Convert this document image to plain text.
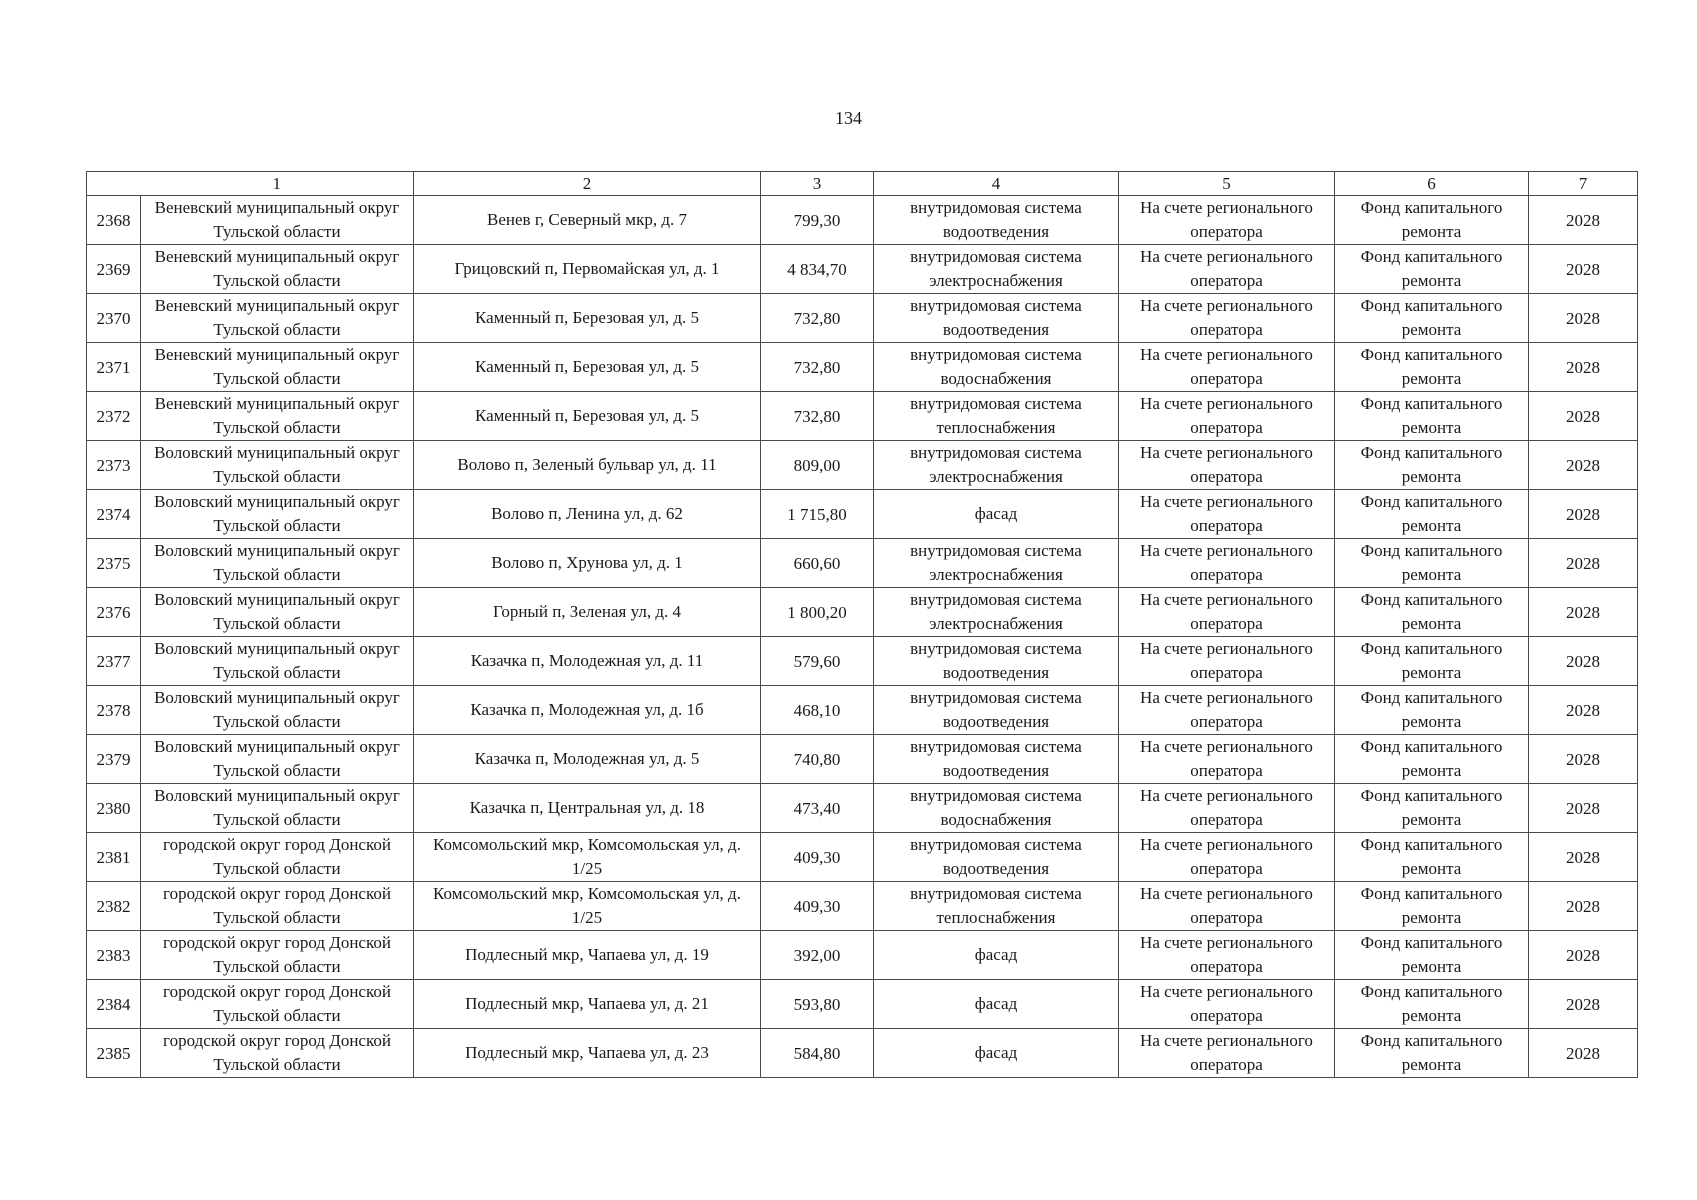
134
	1	2	3	4	5	6	7
2368	Веневский муниципальный округ Тульской области	Венев г, Северный мкр, д. 7	799,30	внутридомовая система водоотведения	На счете регионального оператора	Фонд капитального ремонта	2028
2369	Веневский муниципальный округ Тульской области	Грицовский п, Первомайская ул, д. 1	4 834,70	внутридомовая система электроснабжения	На счете регионального оператора	Фонд капитального ремонта	2028
2370	Веневский муниципальный округ Тульской области	Каменный п, Березовая ул, д. 5	732,80	внутридомовая система водоотведения	На счете регионального оператора	Фонд капитального ремонта	2028
2371	Веневский муниципальный округ Тульской области	Каменный п, Березовая ул, д. 5	732,80	внутридомовая система водоснабжения	На счете регионального оператора	Фонд капитального ремонта	2028
2372	Веневский муниципальный округ Тульской области	Каменный п, Березовая ул, д. 5	732,80	внутридомовая система теплоснабжения	На счете регионального оператора	Фонд капитального ремонта	2028
2373	Воловский муниципальный округ Тульской области	Волово п, Зеленый бульвар ул, д. 11	809,00	внутридомовая система электроснабжения	На счете регионального оператора	Фонд капитального ремонта	2028
2374	Воловский муниципальный округ Тульской области	Волово п, Ленина ул, д. 62	1 715,80	фасад	На счете регионального оператора	Фонд капитального ремонта	2028
2375	Воловский муниципальный округ Тульской области	Волово п, Хрунова ул, д. 1	660,60	внутридомовая система электроснабжения	На счете регионального оператора	Фонд капитального ремонта	2028
2376	Воловский муниципальный округ Тульской области	Горный п, Зеленая ул, д. 4	1 800,20	внутридомовая система электроснабжения	На счете регионального оператора	Фонд капитального ремонта	2028
2377	Воловский муниципальный округ Тульской области	Казачка п, Молодежная ул, д. 11	579,60	внутридомовая система водоотведения	На счете регионального оператора	Фонд капитального ремонта	2028
2378	Воловский муниципальный округ Тульской области	Казачка п, Молодежная ул, д. 1б	468,10	внутридомовая система водоотведения	На счете регионального оператора	Фонд капитального ремонта	2028
2379	Воловский муниципальный округ Тульской области	Казачка п, Молодежная ул, д. 5	740,80	внутридомовая система водоотведения	На счете регионального оператора	Фонд капитального ремонта	2028
2380	Воловский муниципальный округ Тульской области	Казачка п, Центральная ул, д. 18	473,40	внутридомовая система водоснабжения	На счете регионального оператора	Фонд капитального ремонта	2028
2381	городской округ город Донской Тульской области	Комсомольский мкр, Комсомольская ул, д. 1/25	409,30	внутридомовая система водоотведения	На счете регионального оператора	Фонд капитального ремонта	2028
2382	городской округ город Донской Тульской области	Комсомольский мкр, Комсомольская ул, д. 1/25	409,30	внутридомовая система теплоснабжения	На счете регионального оператора	Фонд капитального ремонта	2028
2383	городской округ город Донской Тульской области	Подлесный мкр, Чапаева ул, д. 19	392,00	фасад	На счете регионального оператора	Фонд капитального ремонта	2028
2384	городской округ город Донской Тульской области	Подлесный мкр, Чапаева ул, д. 21	593,80	фасад	На счете регионального оператора	Фонд капитального ремонта	2028
2385	городской округ город Донской Тульской области	Подлесный мкр, Чапаева ул, д. 23	584,80	фасад	На счете регионального оператора	Фонд капитального ремонта	2028
